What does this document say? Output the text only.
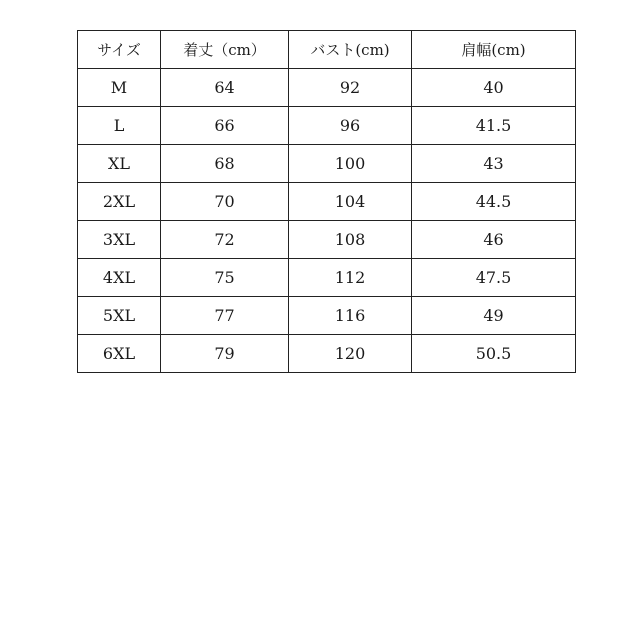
サイズ	着丈（cm）	バスト(cm)	肩幅(cm)
M	64	92	40
L	66	96	41.5
XL	68	100	43
2XL	70	104	44.5
3XL	72	108	46
4XL	75	112	47.5
5XL	77	116	49
6XL	79	120	50.5
